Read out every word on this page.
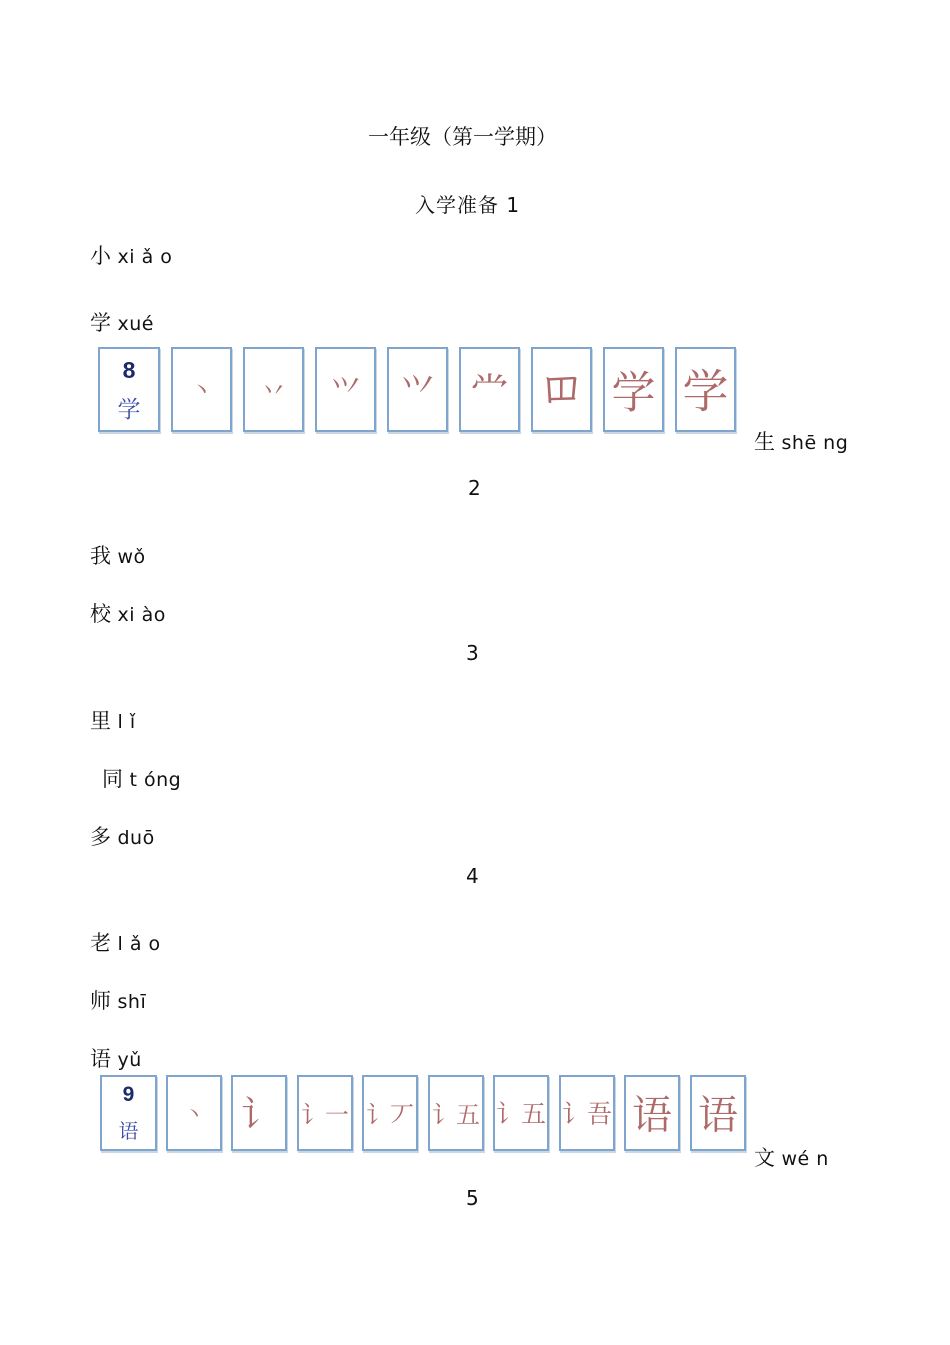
一年级（第一学期）
入学准备 1
小 xi ǎ o
学 xué
8
学
丶	丷	⺍	𭕄 龸 𫩏 学 学
生 shē ng
2
我 wǒ
校 xi ào
3
里 l ǐ
同 t óng
多 duō
4
老 l ǎ o
师 shī
语 yǔ
9
语
丶	讠	讠一 讠丆 讠五 讠五 讠吾 语 语
文 wé n
5
